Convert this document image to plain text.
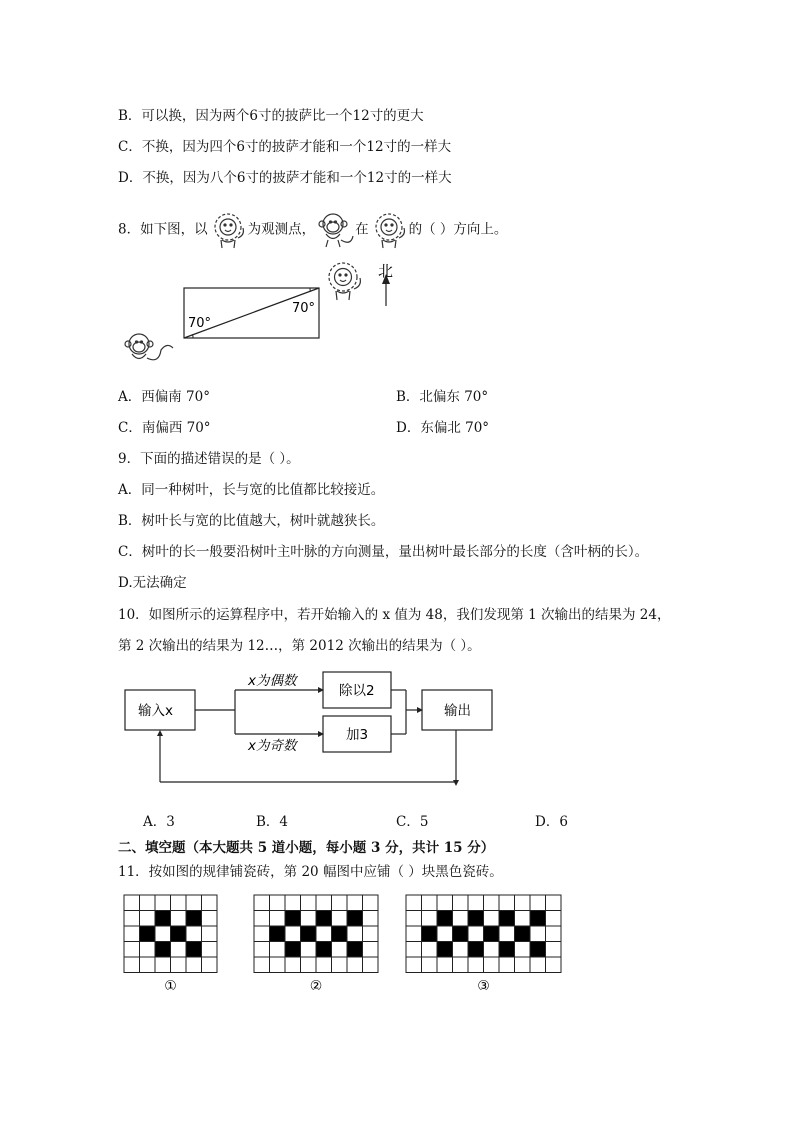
B．可以换，因为两个6寸的披萨比一个12寸的更大
C．不换，因为四个6寸的披萨才能和一个12寸的一样大
D．不换，因为八个6寸的披萨才能和一个12寸的一样大
8．如下图，以	为观测点，	在	的（ ）方向上。
70°
70°
北
A．西偏南 70°	B．北偏东 70°
C．南偏西 70°	D．东偏北 70°
9．下面的描述错误的是（ ）。
A．同一种树叶，长与宽的比值都比较接近。
B．树叶长与宽的比值越大，树叶就越狭长。
C．树叶的长一般要沿树叶主叶脉的方向测量，量出树叶最长部分的长度（含叶柄的长）。
D.无法确定
10．如图所示的运算程序中，若开始输入的 x 值为 48，我们发现第 1 次输出的结果为 24，
第 2 次输出的结果为 12…，第 2012 次输出的结果为（ ）。
输入x
x为偶数
x为奇数
除以2
加3
输出
A．3	B．4	C．5	D．6
二、填空题（本大题共 5 道小题，每小题 3 分，共计 15 分）
11．按如图的规律铺瓷砖，第 20 幅图中应铺（ ）块黑色瓷砖。
①	②	③
